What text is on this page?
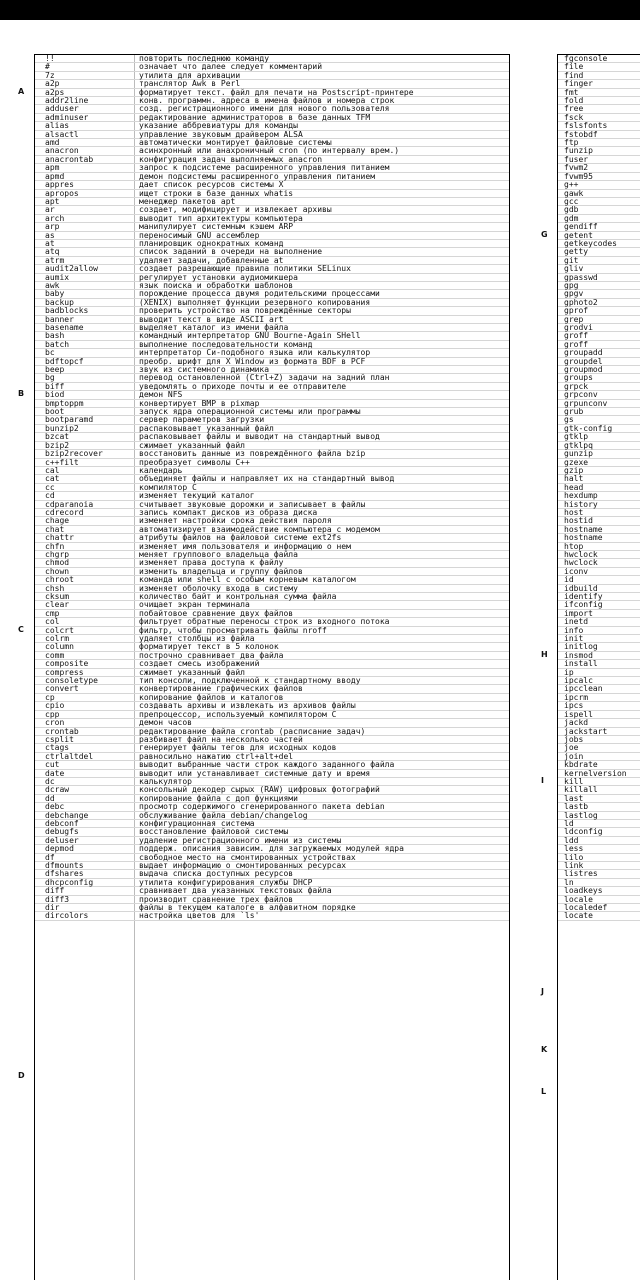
A
B
C
D
!!	повторить последнюю команду
#	означает что далее следует комментарий
7z	утилита для архивации
a2p	транслятор Awk в Perl
a2ps	форматирует текст. файл для печати на Postscript-принтере
addr2line	конв. программн. адреса в имена файлов и номера строк
adduser	созд. регистрационного имени для нового пользователя
adminuser	редактирование администраторов в базе данных TFM
alias	указание аббревиатуры для команды
alsactl	управление звуковым драйвером ALSA
amd	автоматически монтирует файловые системы
anacron	асинхронный или анахроничный cron (по интервалу врем.)
anacrontab	конфигурация задач выполняемых anacron
apm	запрос к подсистеме расширенного управления питанием
apmd	демон подсистемы расширенного управления питанием
appres	дает список ресурсов системы X
apropos	ищет строки в базе данных whatis
apt	менеджер пакетов apt
ar	создает, модифицирует и извлекает архивы
arch	выводит тип архитектуры компьютера
arp	манипулирует системным кэшем ARP
as	переносимый GNU ассемблер
at	планировщик однократных команд
atq	список заданий в очереди на выполнение
atrm	удаляет задачи, добавленные at
audit2allow	создает разрешающие правила политики SELinux
aumix	регулирует установки аудиомикшера
awk	язык поиска и обработки шаблонов
baby	порождение процесса двумя родительскими процессами
backup	(XENIX) выполняет функции резервного копирования
badblocks	проверить устройство на повреждённые секторы
banner	выводит текст в виде ASCII art
basename	выделяет каталог из имени файла
bash	командный интерпретатор GNU Bourne-Again SHell
batch	выполнение последовательности команд
bc	интерпретатор Си-подобного языка или калькулятор
bdftopcf	преобр. шрифт для X Window из формата BDF в PCF
beep	звук из системного динамика
bg	перевод остановленной (Ctrl+Z) задачи на задний план
biff	уведомлять о приходе почты и ее отправителе
biod	демон NFS
bmptoppm	конвертирует BMP в pixmap
boot	запуск ядра операционной системы или программы
bootparamd	сервер параметров загрузки
bunzip2	распаковывает указанный файл
bzcat	распаковывает файлы и выводит на стандартный вывод
bzip2	сжимает указанный файл
bzip2recover	восстановить данные из повреждённого файла bzip
c++filt	преобразует символы C++
cal	календарь
cat	объединяет файлы и направляет их на стандартный вывод
cc	компилятор C
cd	изменяет текущий каталог
cdparanoia	считывает звуковые дорожки и записывает в файлы
cdrecord	запись компакт дисков из образа диска
chage	изменяет настройки срока действия пароля
chat	автоматизирует взаимодействие компьютера с модемом
chattr	атрибуты файлов на файловой системе ext2fs
chfn	изменяет имя пользователя и информацию о нем
chgrp	меняет группового владельца файла
chmod	изменяет права доступа к файлу
chown	изменить владельца и группу файлов
chroot	команда или shell с особым корневым каталогом
chsh	изменяет оболочку входа в систему
cksum	количество байт и контрольная сумма файла
clear	очищает экран терминала
cmp	побайтовое сравнение двух файлов
col	фильтрует обратные переносы строк из входного потока
colcrt	фильтр, чтобы просматривать файлы nroff
colrm	удаляет столбцы из файла
column	форматирует текст в 5 колонок
comm	построчно сравнивает два файла
composite	создает смесь изображений
compress	сжимает указанный файл
consoletype	тип консоли, подключенной к стандартному вводу
convert	конвертирование графических файлов
cp	копирование файлов и каталогов
cpio	создавать архивы и извлекать из архивов файлы
cpp	препроцессор, используемый компилятором C
cron	демон часов
crontab	редактирование файла crontab (расписание задач)
csplit	разбивает файл на несколько частей
ctags	генерирует файлы тегов для исходных кодов
ctrlaltdel	равносильно нажатию ctrl+alt+del
cut	выводит выбранные части строк каждого заданного файла
date	выводит или устанавливает системные дату и время
dc	калькулятор
dcraw	консольный декодер сырых (RAW) цифровых фотографий
dd	копирование файла с доп функциями
debc	просмотр содержимого сгенерированного пакета debian
debchange	обслуживание файла debian/changelog
debconf	конфигурационная система
debugfs	восстановление файловой системы
deluser	удаление регистрационного имени из системы
depmod	поддерж. описания зависим. для загружаемых модулей ядра
df	свободное место на смонтированных устройствах
dfmounts	выдает информацию о смонтированных ресурсах
dfshares	выдача списка доступных ресурсов
dhcpconfig	утилита конфигурирования службы DHCP
diff	сравнивает два указанных текстовых файла
diff3	производит сравнение трех файлов
dir	файлы в текущем каталоге в алфавитном порядке
dircolors	настройка цветов для `ls'
G
H
I
J
K
L
fgconsole
file
find
finger
fmt
fold
free
fsck
fslsfonts
fstobdf
ftp
funzip
fuser
fvwm2
fvwm95
g++
gawk
gcc
gdb
gdm
gendiff
getent
getkeycodes
getty
git
gliv
gpasswd
gpg
gpgv
gphoto2
gprof
grep
grodvi
groff
groff
groupadd
groupdel
groupmod
groups
grpck
grpconv
grpunconv
grub
gs
gtk-config
gtklp
gtklpq
gunzip
gzexe
gzip
halt
head
hexdump
history
host
hostid
hostname
hostname
htop
hwclock
hwclock
iconv
id
idbuild
identify
ifconfig
import
inetd
info
init
initlog
insmod
install
ip
ipcalc
ipcclean
ipcrm
ipcs
ispell
jackd
jackstart
jobs
joe
join
kbdrate
kernelversion
kill
killall
last
lastb
lastlog
ld
ldconfig
ldd
less
lilo
link
listres
ln
loadkeys
locale
localedef
locate
